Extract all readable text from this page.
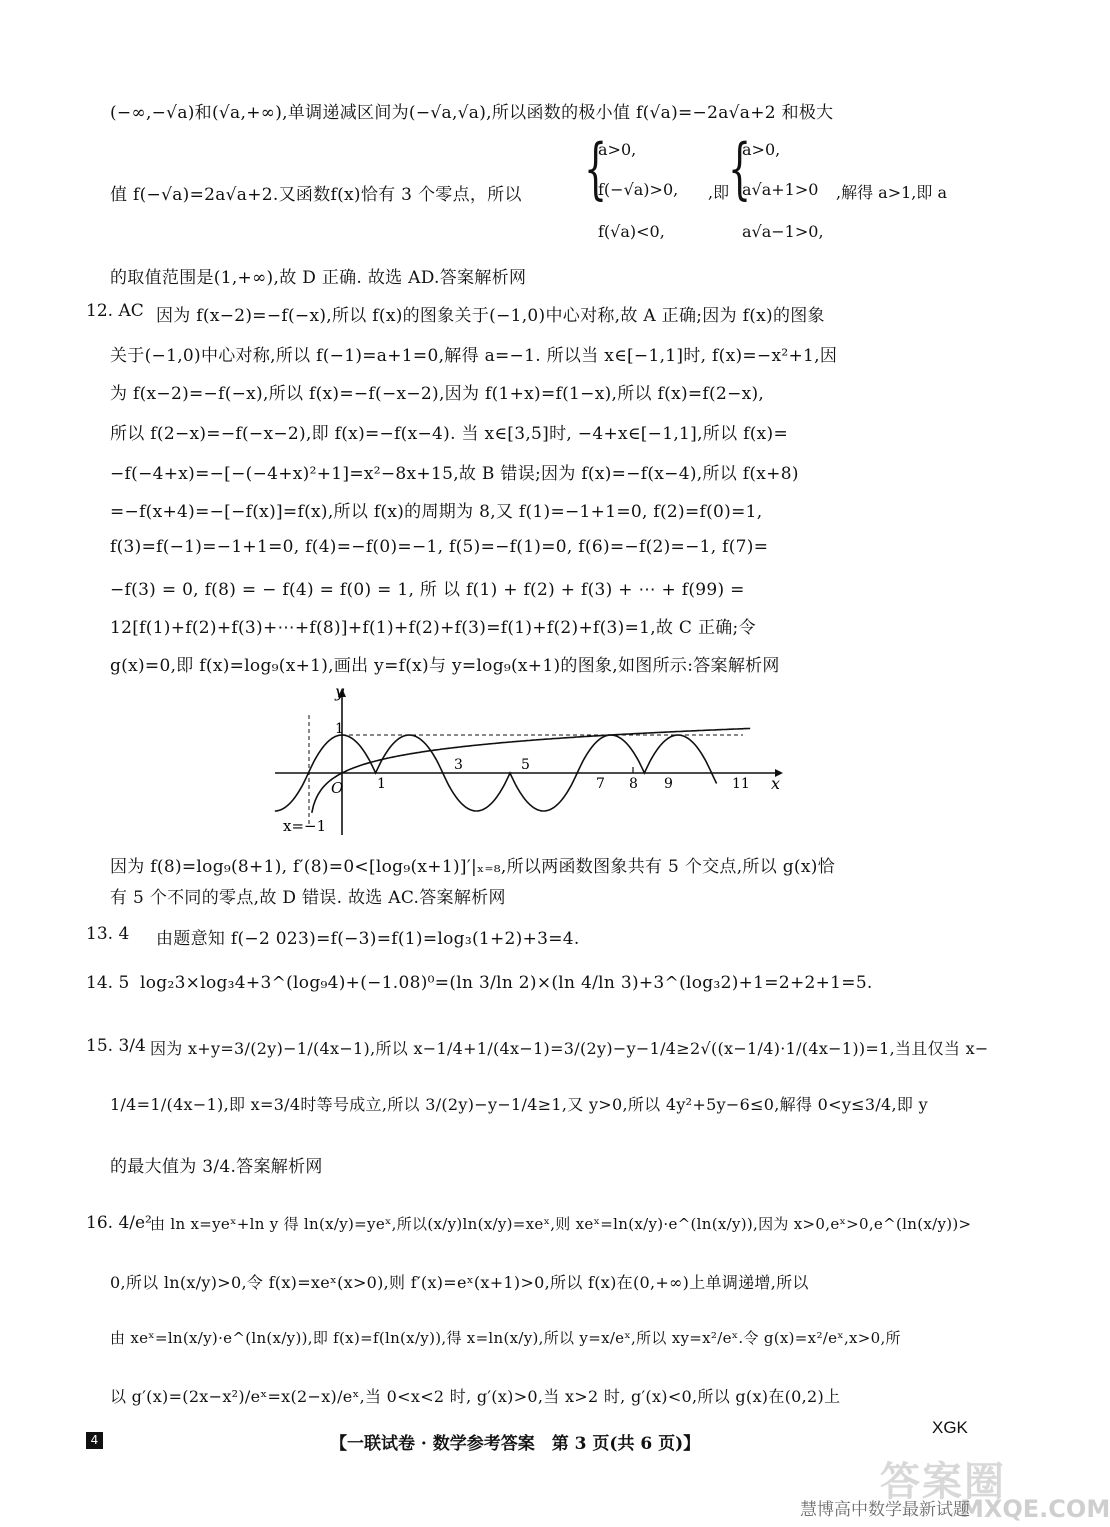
(−∞,−√a)和(√a,+∞),单调递减区间为(−√a,√a),所以函数的极小值 f(√a)=−2a√a+2 和极大
值 f(−√a)=2a√a+2.又函数f(x)恰有 3 个零点，所以 {
a>0,
f(−√a)>0,
f(√a)<0,
,即
{
a>0,
a√a+1>0
a√a−1>0,
,解得 a>1,即 a
的取值范围是(1,+∞),故 D 正确. 故选 AD.答案解析网
12. AC 因为 f(x−2)=−f(−x),所以 f(x)的图象关于(−1,0)中心对称,故 A 正确;因为 f(x)的图象
关于(−1,0)中心对称,所以 f(−1)=a+1=0,解得 a=−1. 所以当 x∈[−1,1]时, f(x)=−x²+1,因
为 f(x−2)=−f(−x),所以 f(x)=−f(−x−2),因为 f(1+x)=f(1−x),所以 f(x)=f(2−x),
所以 f(2−x)=−f(−x−2),即 f(x)=−f(x−4). 当 x∈[3,5]时, −4+x∈[−1,1],所以 f(x)=
−f(−4+x)=−[−(−4+x)²+1]=x²−8x+15,故 B 错误;因为 f(x)=−f(x−4),所以 f(x+8)
=−f(x+4)=−[−f(x)]=f(x),所以 f(x)的周期为 8,又 f(1)=−1+1=0, f(2)=f(0)=1,
f(3)=f(−1)=−1+1=0, f(4)=−f(0)=−1, f(5)=−f(1)=0, f(6)=−f(2)=−1, f(7)=
−f(3) = 0, f(8) = − f(4) = f(0) = 1, 所 以 f(1) + f(2) + f(3) + ⋯ + f(99) =
12[f(1)+f(2)+f(3)+⋯+f(8)]+f(1)+f(2)+f(3)=f(1)+f(2)+f(3)=1,故 C 正确;令
g(x)=0,即 f(x)=log₉(x+1),画出 y=f(x)与 y=log₉(x+1)的图象,如图所示:答案解析网
y
x
O
1
1
3	5
7 8 9	11
x=−1
因为 f(8)=log₉(8+1), f′(8)=0<[log₉(x+1)]′|ₓ₌₈,所以两函数图象共有 5 个交点,所以 g(x)恰
有 5 个不同的零点,故 D 错误. 故选 AC.答案解析网
13. 4 由题意知 f(−2 023)=f(−3)=f(1)=log₃(1+2)+3=4.
14. 5 log₂3×log₃4+3^(log₉4)+(−1.08)⁰=(ln 3/ln 2)×(ln 4/ln 3)+3^(log₃2)+1=2+2+1=5.
15. 3/4 因为 x+y=3/(2y)−1/(4x−1),所以 x−1/4+1/(4x−1)=3/(2y)−y−1/4≥2√((x−1/4)·1/(4x−1))=1,当且仅当 x−
1/4=1/(4x−1),即 x=3/4时等号成立,所以 3/(2y)−y−1/4≥1,又 y>0,所以 4y²+5y−6≤0,解得 0<y≤3/4,即 y
的最大值为 3/4.答案解析网
16. 4/e²
由 ln x=yeˣ+ln y 得 ln(x/y)=yeˣ,所以(x/y)ln(x/y)=xeˣ,则 xeˣ=ln(x/y)·e^(ln(x/y)),因为 x>0,eˣ>0,e^(ln(x/y))>
0,所以 ln(x/y)>0,令 f(x)=xeˣ(x>0),则 f′(x)=eˣ(x+1)>0,所以 f(x)在(0,+∞)上单调递增,所以
由 xeˣ=ln(x/y)·e^(ln(x/y)),即 f(x)=f(ln(x/y)),得 x=ln(x/y),所以 y=x/eˣ,所以 xy=x²/eˣ.令 g(x)=x²/eˣ,x>0,所
以 g′(x)=(2x−x²)/eˣ=x(2−x)/eˣ,当 0<x<2 时, g′(x)>0,当 x>2 时, g′(x)<0,所以 g(x)在(0,2)上
4	【一联试卷 · 数学参考答案　第 3 页(共 6 页)】
XGK
答案圈
MXQE.COM
慧博高中数学最新试题
